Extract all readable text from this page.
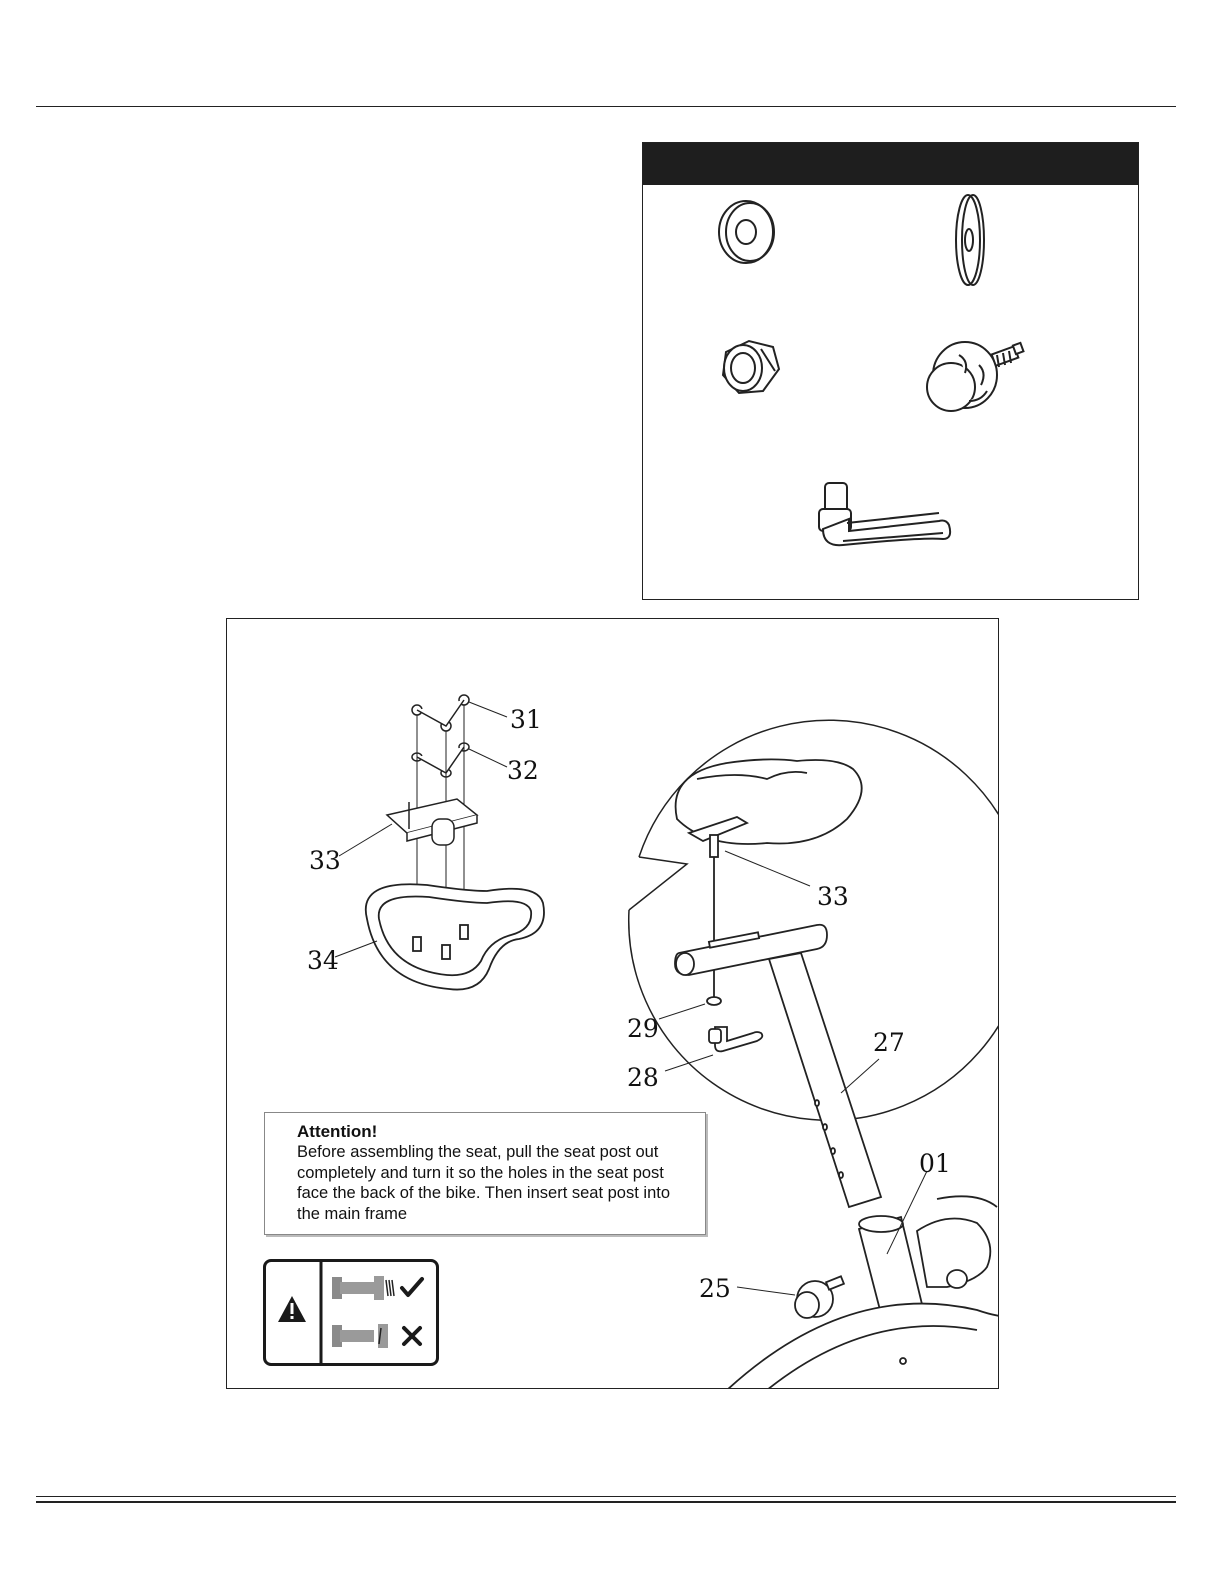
31
32
33
34
33
29
28
27
01
25
Attention!
Before assembling the seat, pull the seat post out completely and turn it so the holes in the seat post face the back of the bike. Then insert seat post into the main frame
